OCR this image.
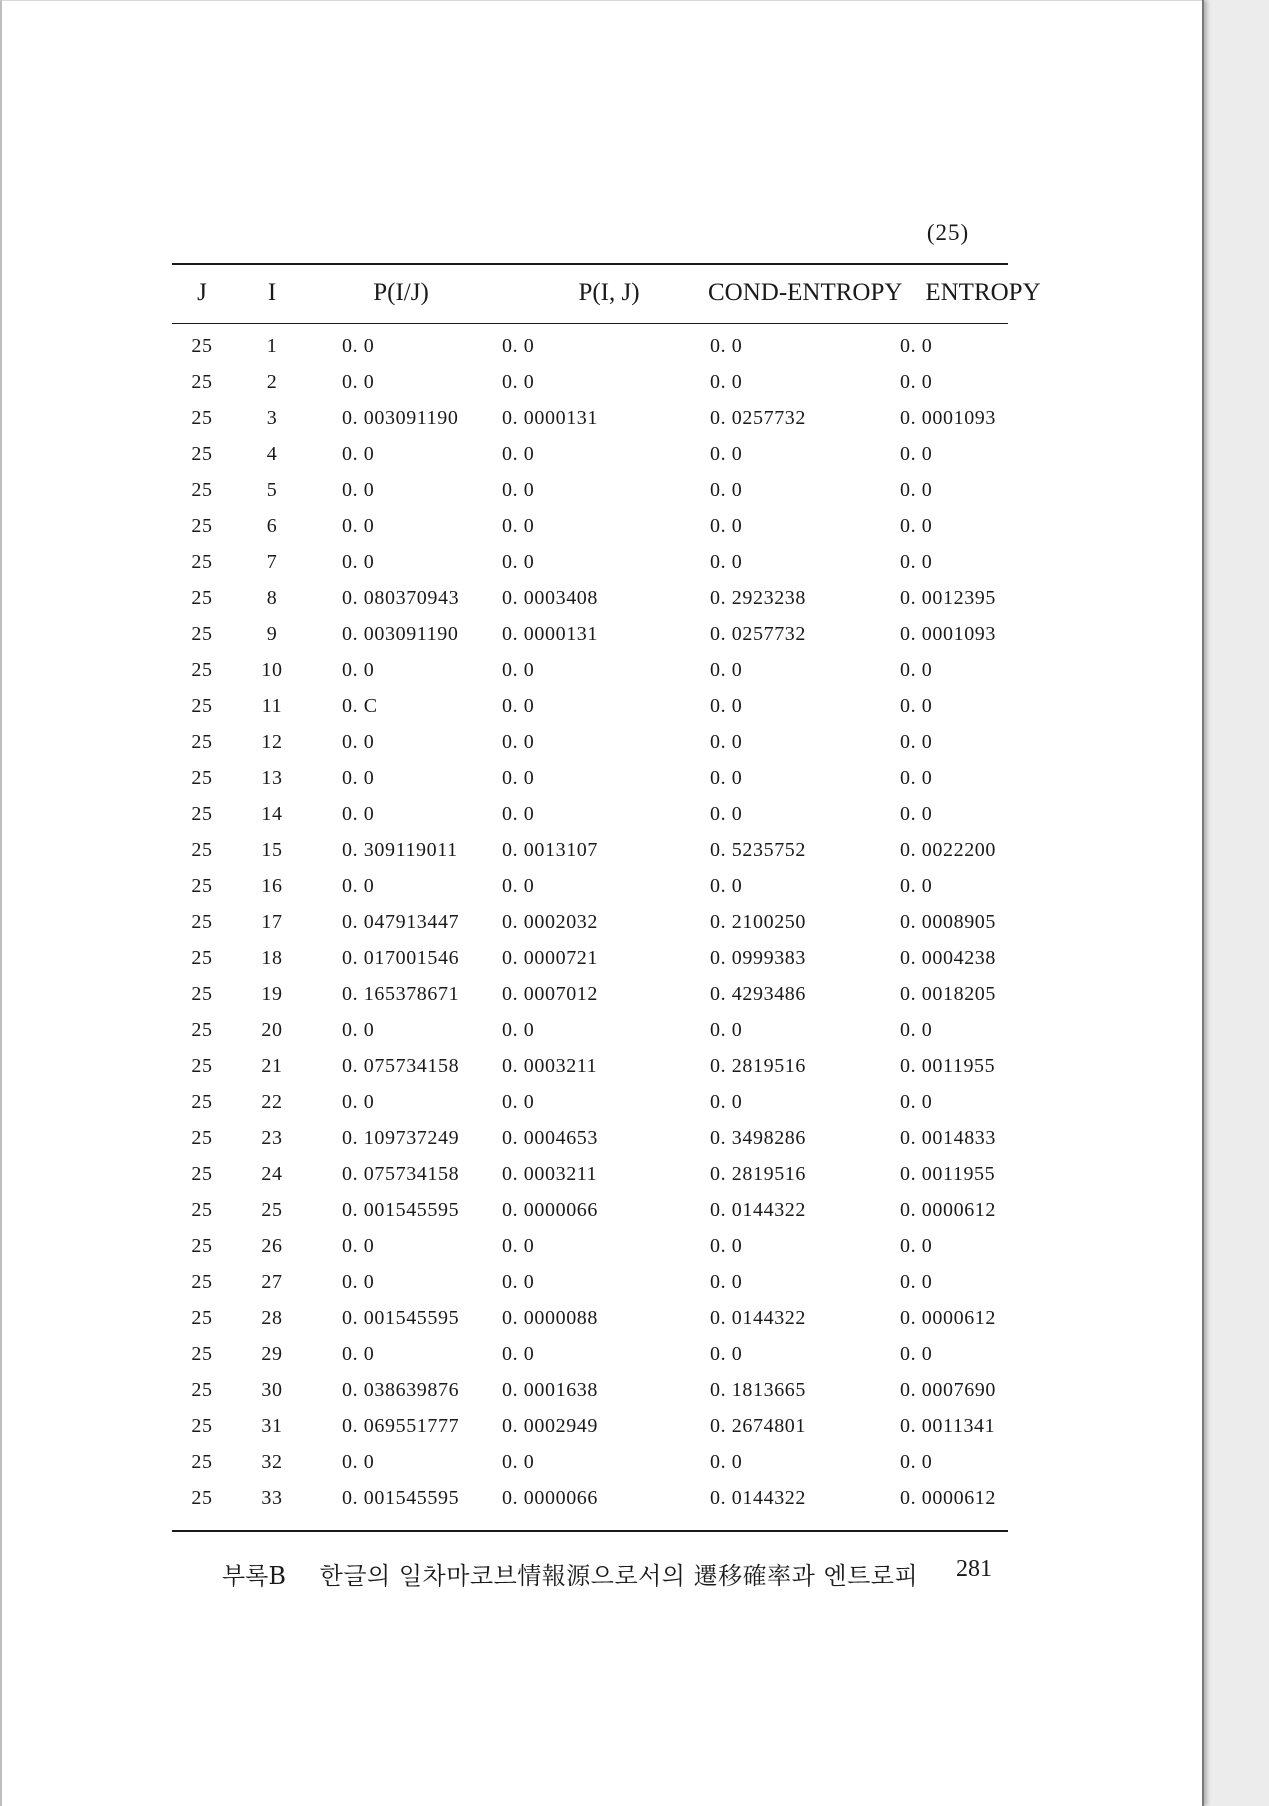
(25)
J	I	P(I/J)	P(I, J)	COND-ENTROPY	ENTROPY
25	1	0. 0	0. 0	0. 0	0. 0
25	2	0. 0	0. 0	0. 0	0. 0
25	3	0. 003091190	0. 0000131	0. 0257732	0. 0001093
25	4	0. 0	0. 0	0. 0	0. 0
25	5	0. 0	0. 0	0. 0	0. 0
25	6	0. 0	0. 0	0. 0	0. 0
25	7	0. 0	0. 0	0. 0	0. 0
25	8	0. 080370943	0. 0003408	0. 2923238	0. 0012395
25	9	0. 003091190	0. 0000131	0. 0257732	0. 0001093
25	10	0. 0	0. 0	0. 0	0. 0
25	11	0. C	0. 0	0. 0	0. 0
25	12	0. 0	0. 0	0. 0	0. 0
25	13	0. 0	0. 0	0. 0	0. 0
25	14	0. 0	0. 0	0. 0	0. 0
25	15	0. 309119011	0. 0013107	0. 5235752	0. 0022200
25	16	0. 0	0. 0	0. 0	0. 0
25	17	0. 047913447	0. 0002032	0. 2100250	0. 0008905
25	18	0. 017001546	0. 0000721	0. 0999383	0. 0004238
25	19	0. 165378671	0. 0007012	0. 4293486	0. 0018205
25	20	0. 0	0. 0	0. 0	0. 0
25	21	0. 075734158	0. 0003211	0. 2819516	0. 0011955
25	22	0. 0	0. 0	0. 0	0. 0
25	23	0. 109737249	0. 0004653	0. 3498286	0. 0014833
25	24	0. 075734158	0. 0003211	0. 2819516	0. 0011955
25	25	0. 001545595	0. 0000066	0. 0144322	0. 0000612
25	26	0. 0	0. 0	0. 0	0. 0
25	27	0. 0	0. 0	0. 0	0. 0
25	28	0. 001545595	0. 0000088	0. 0144322	0. 0000612
25	29	0. 0	0. 0	0. 0	0. 0
25	30	0. 038639876	0. 0001638	0. 1813665	0. 0007690
25	31	0. 069551777	0. 0002949	0. 2674801	0. 0011341
25	32	0. 0	0. 0	0. 0	0. 0
25	33	0. 001545595	0. 0000066	0. 0144322	0. 0000612
부록B 한글의 일차마코브情報源으로서의 遷移確率과 엔트로피 281
